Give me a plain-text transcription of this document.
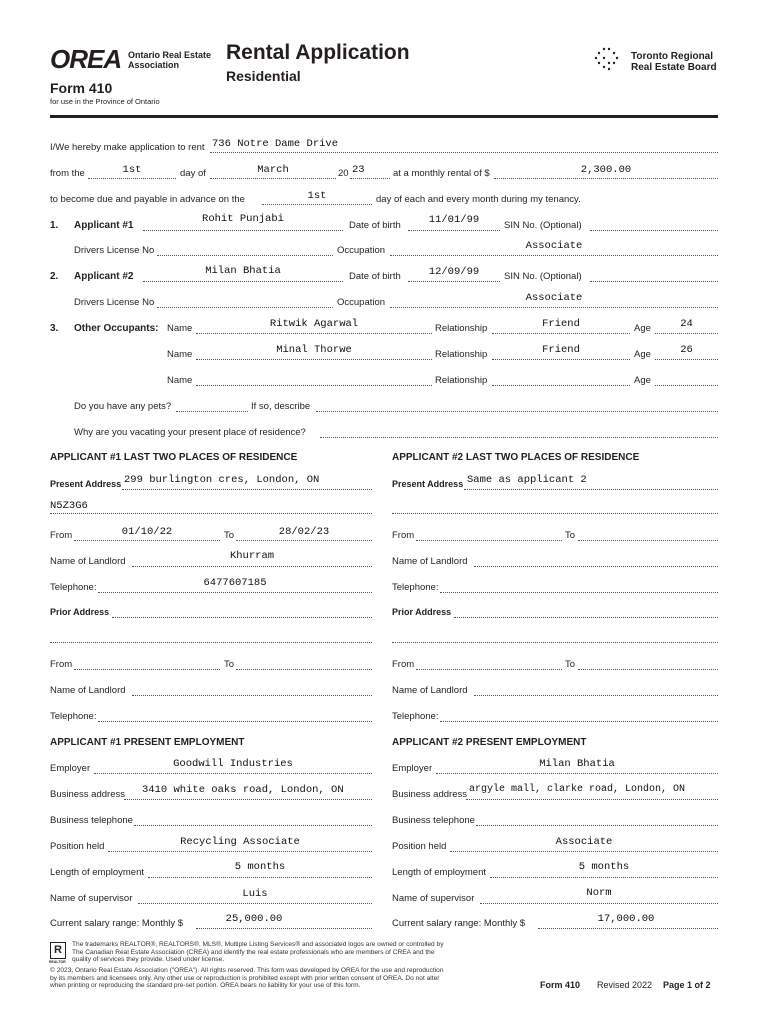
OREA Ontario Real Estate
Association
Rental Application
Residential
Form 410
for use in the Province of Ontario
Toronto Regional
Real Estate Board
I/We hereby make application to rent 736 Notre Dame Drive
from the	1st	day of	March	20 23	at a monthly rental of $	2,300.00
to become due and payable in advance on the	1st	day of each and every month during my tenancy.
1. Applicant #1
Rohit Punjabi
Date of birth	11/01/99	SIN No. (Optional)
Drivers License No	Occupation	Associate
2. Applicant #2	Milan Bhatia	Date of birth	12/09/99	SIN No. (Optional)
Drivers License No	Occupation	Associate
3. Other Occupants: Name	Ritwik Agarwal	Relationship	Friend	Age	24
Name	Minal Thorwe	Relationship	Friend	Age	26
Name	Relationship	Age
Do you have any pets?	If so, describe
Why are you vacating your present place of residence?
APPLICANT #1 LAST TWO PLACES OF RESIDENCE
Present Address 299 burlington cres, London, ON
N5Z3G6
From	01/10/22	To	28/02/23
Name of Landlord	Khurram
Telephone:	6477607185
Prior Address
From	To
Name of Landlord
Telephone:
APPLICANT #2 LAST TWO PLACES OF RESIDENCE
Present Address Same as applicant 2
From	To
Name of Landlord
Telephone:
Prior Address
From	To
Name of Landlord
Telephone:
APPLICANT #1 PRESENT EMPLOYMENT
Employer	Goodwill Industries
Business address 3410 white oaks road, London, ON
Business telephone
Position held	Recycling Associate
Length of employment	5 months
Name of supervisor	Luis
Current salary range: Monthly $	25,000.00
APPLICANT #2 PRESENT EMPLOYMENT
Employer	Milan Bhatia
Business address argyle mall, clarke road, London, ON
Business telephone
Position held	Associate
Length of employment	5 months
Name of supervisor	Norm
Current salary range: Monthly $	17,000.00
R
REALTOR
The trademarks REALTOR®, REALTORS®, MLS®, Multiple Listing Services® and associated logos are owned or controlled by
The Canadian Real Estate Association (CREA) and identify the real estate professionals who are members of CREA and the
quality of services they provide. Used under license.
© 2023, Ontario Real Estate Association ("OREA"). All rights reserved. This form was developed by OREA for the use and reproduction
by its members and licensees only. Any other use or reproduction is prohibited except with prior written consent of OREA. Do not alter
when printing or reproducing the standard pre-set portion. OREA bears no liability for your use of this form.	Form 410 Revised 2022 Page 1 of 2
